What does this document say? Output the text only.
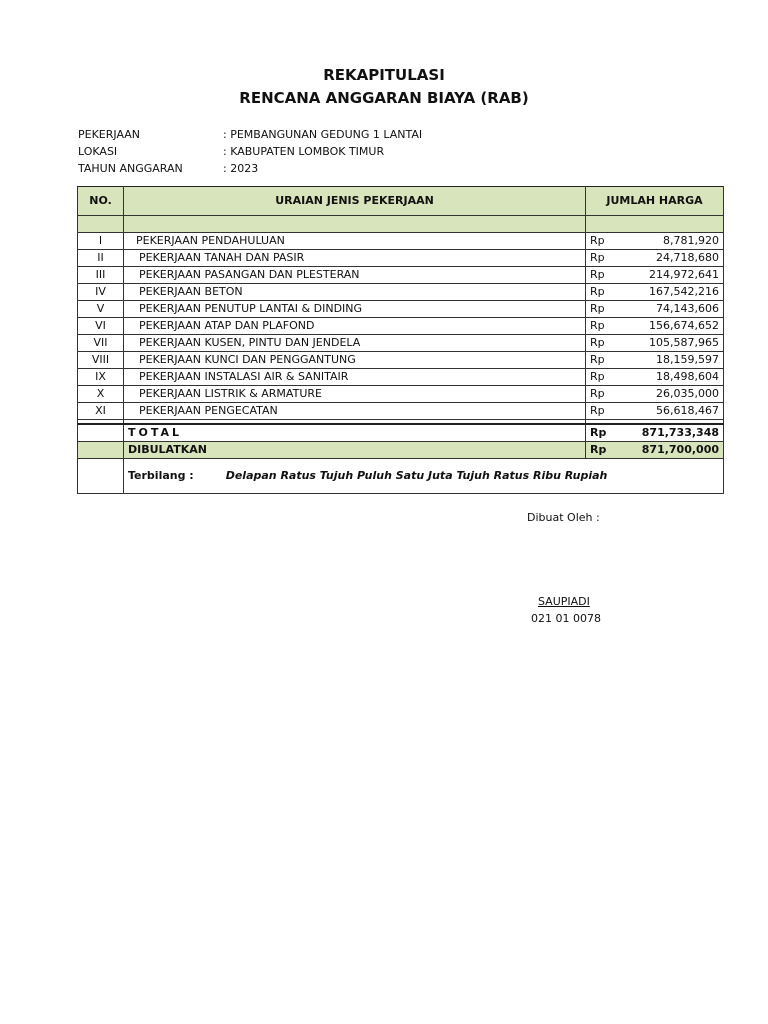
REKAPITULASI
RENCANA ANGGARAN BIAYA (RAB)
PEKERJAAN	: PEMBANGUNAN GEDUNG 1 LANTAI
LOKASI	: KABUPATEN LOMBOK TIMUR
TAHUN ANGGARAN	: 2023
NO.	URAIAN JENIS PEKERJAAN	JUMLAH HARGA	

I	PEKERJAAN PENDAHULUAN	Rp	8,781,920
II	PEKERJAAN TANAH DAN PASIR	Rp	24,718,680
III	PEKERJAAN PASANGAN DAN PLESTERAN	Rp	214,972,641
IV	PEKERJAAN BETON	Rp	167,542,216
V	PEKERJAAN PENUTUP LANTAI & DINDING	Rp	74,143,606
VI	PEKERJAAN ATAP DAN PLAFOND	Rp	156,674,652
VII	PEKERJAAN KUSEN, PINTU DAN JENDELA	Rp	105,587,965
VIII	PEKERJAAN KUNCI DAN PENGGANTUNG	Rp	18,159,597
IX	PEKERJAAN INSTALASI AIR & SANITAIR	Rp	18,498,604
X	PEKERJAAN LISTRIK & ARMATURE	Rp	26,035,000
XI	PEKERJAAN PENGECATAN	Rp	56,618,467

	TOTAL	Rp	871,733,348
	DIBULATKAN	Rp	871,700,000
	Terbilang : Delapan Ratus Tujuh Puluh Satu Juta Tujuh Ratus Ribu Rupiah		
Dibuat Oleh :
SAUPIADI
021 01 0078
